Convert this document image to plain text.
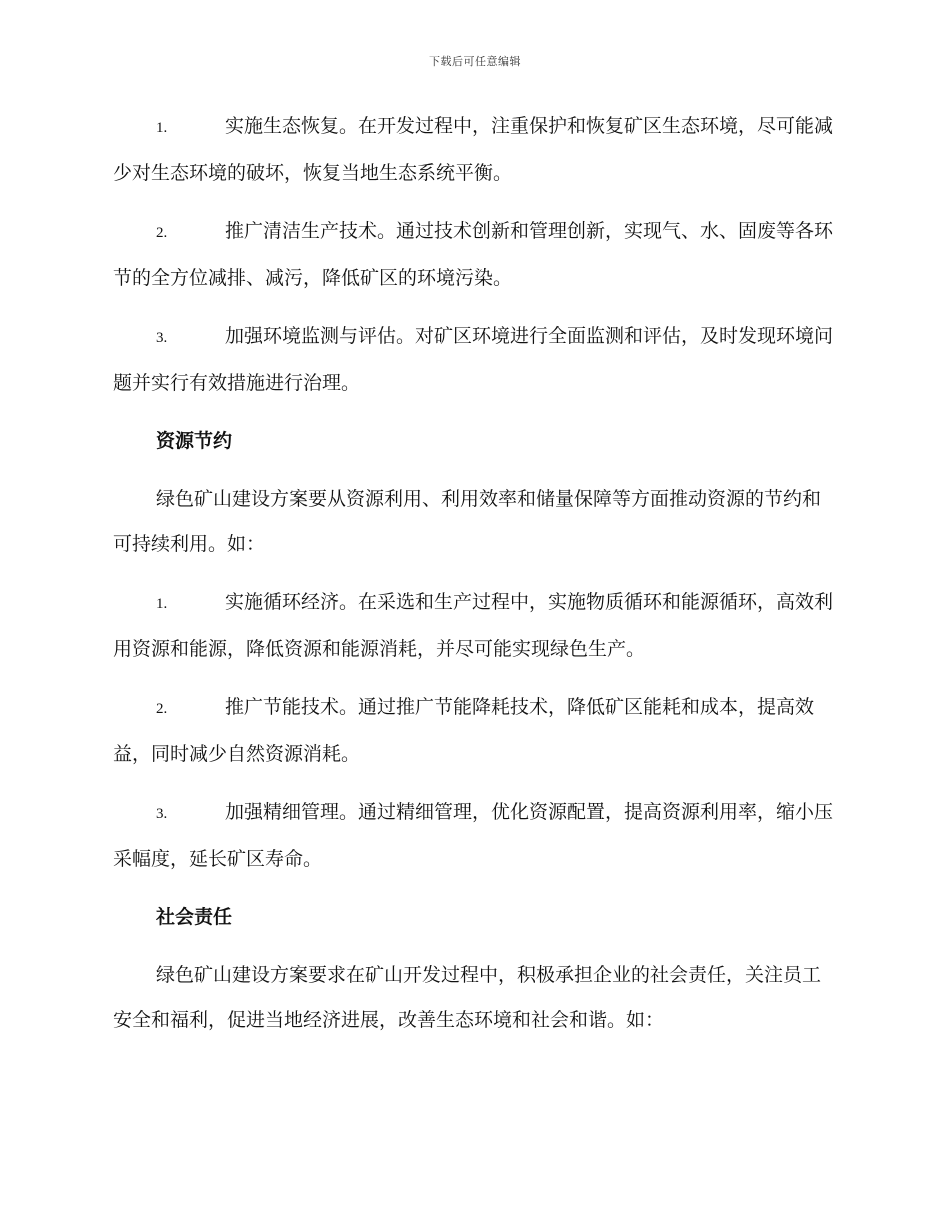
下载后可任意编辑

1.	实施生态恢复。在开发过程中，注重保护和恢复矿区生态环境，尽可能减少对生态环境的破坏，恢复当地生态系统平衡。

2.	推广清洁生产技术。通过技术创新和管理创新，实现气、水、固废等各环节的全方位减排、减污，降低矿区的环境污染。

3.	加强环境监测与评估。对矿区环境进行全面监测和评估，及时发现环境问题并实行有效措施进行治理。

资源节约

绿色矿山建设方案要从资源利用、利用效率和储量保障等方面推动资源的节约和可持续利用。如：

1.	实施循环经济。在采选和生产过程中，实施物质循环和能源循环，高效利用资源和能源，降低资源和能源消耗，并尽可能实现绿色生产。

2.	推广节能技术。通过推广节能降耗技术，降低矿区能耗和成本，提高效益，同时减少自然资源消耗。

3.	加强精细管理。通过精细管理，优化资源配置，提高资源利用率，缩小压采幅度，延长矿区寿命。

社会责任

绿色矿山建设方案要求在矿山开发过程中，积极承担企业的社会责任，关注员工安全和福利，促进当地经济进展，改善生态环境和社会和谐。如：
